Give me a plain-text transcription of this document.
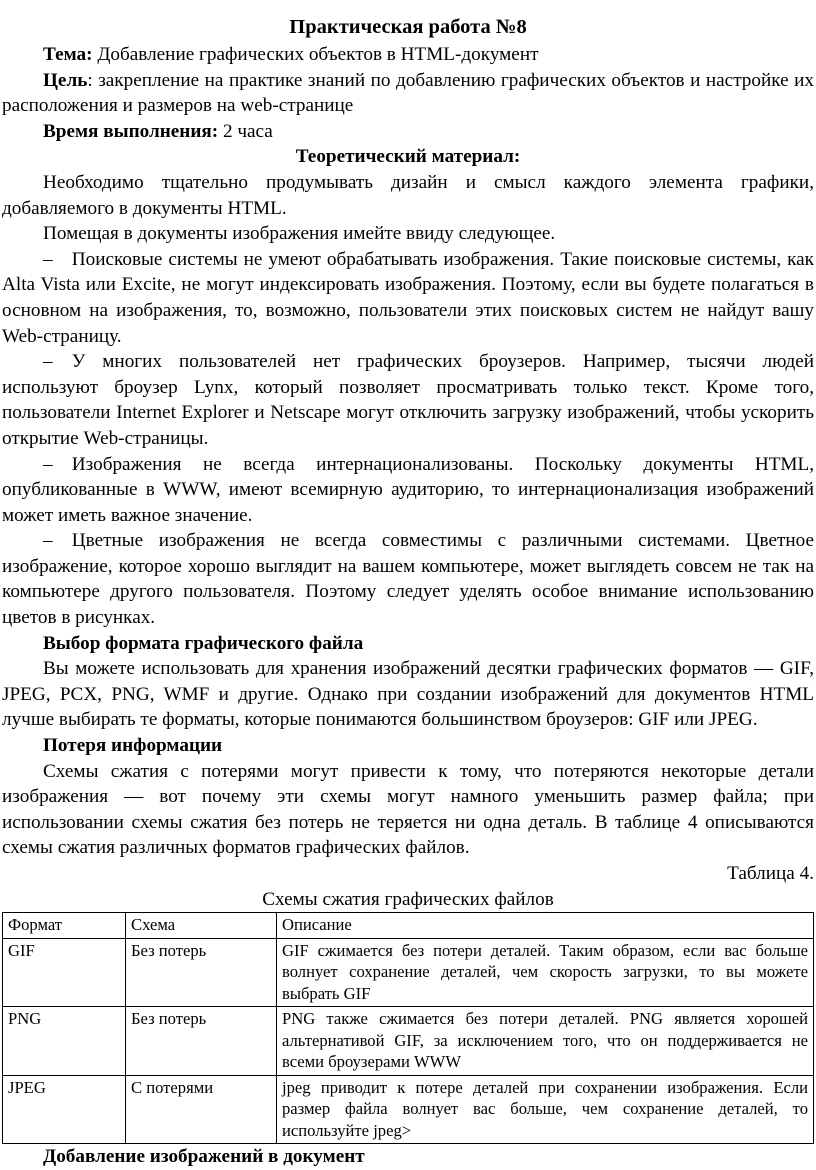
Практическая работа №8

Тема: Добавление графических объектов в HTML-документ

Цель: закрепление на практике знаний по добавлению графических объектов и настройке их расположения и размеров на web-странице

Время выполнения: 2 часа

Теоретический материал:

Необходимо тщательно продумывать дизайн и смысл каждого элемента графики, добавляемого в документы HTML.

Помещая в документы изображения имейте ввиду следующее.

– Поисковые системы не умеют обрабатывать изображения. Такие поисковые системы, как Alta Vista или Excite, не могут индексировать изображения. Поэтому, если вы будете полагаться в основном на изображения, то, возможно, пользователи этих поисковых систем не найдут вашу Web-страницу.

– У многих пользователей нет графических броузеров. Например, тысячи людей используют броузер Lynx, который позволяет просматривать только текст. Кроме того, пользователи Internet Explorer и Netscape могут отключить загрузку изображений, чтобы ускорить открытие Web-страницы.

– Изображения не всегда интернационализованы. Поскольку документы HTML, опубликованные в WWW, имеют всемирную аудиторию, то интернационализация изображений может иметь важное значение.

– Цветные изображения не всегда совместимы с различными системами. Цветное изображение, которое хорошо выглядит на вашем компьютере, может выглядеть совсем не так на компьютере другого пользователя. Поэтому следует уделять особое внимание использованию цветов в рисунках.

Выбор формата графического файла

Вы можете использовать для хранения изображений десятки графических форматов — GIF, JPEG, PCX, PNG, WMF и другие. Однако при создании изображений для документов HTML лучше выбирать те форматы, которые понимаются большинством броузеров: GIF или JPEG.

Потеря информации

Схемы сжатия с потерями могут привести к тому, что потеряются некоторые детали изображения — вот почему эти схемы могут намного уменьшить размер файла; при использовании схемы сжатия без потерь не теряется ни одна деталь. В таблице 4 описываются схемы сжатия различных форматов графических файлов.

Таблица 4.

Схемы сжатия графических файлов

Формат	Схема	Описание
GIF	Без потерь	GIF сжимается без потери деталей. Таким образом, если вас больше волнует сохранение деталей, чем скорость загрузки, то вы можете выбрать GIF
PNG	Без потерь	PNG также сжимается без потери деталей. PNG является хорошей альтернативой GIF, за исключением того, что он поддерживается не всеми броузерами WWW
JPEG	С потерями	jpeg приводит к потере деталей при сохранении изображения. Если размер файла волнует вас больше, чем сохранение деталей, то используйте jpeg>

Добавление изображений в документ
